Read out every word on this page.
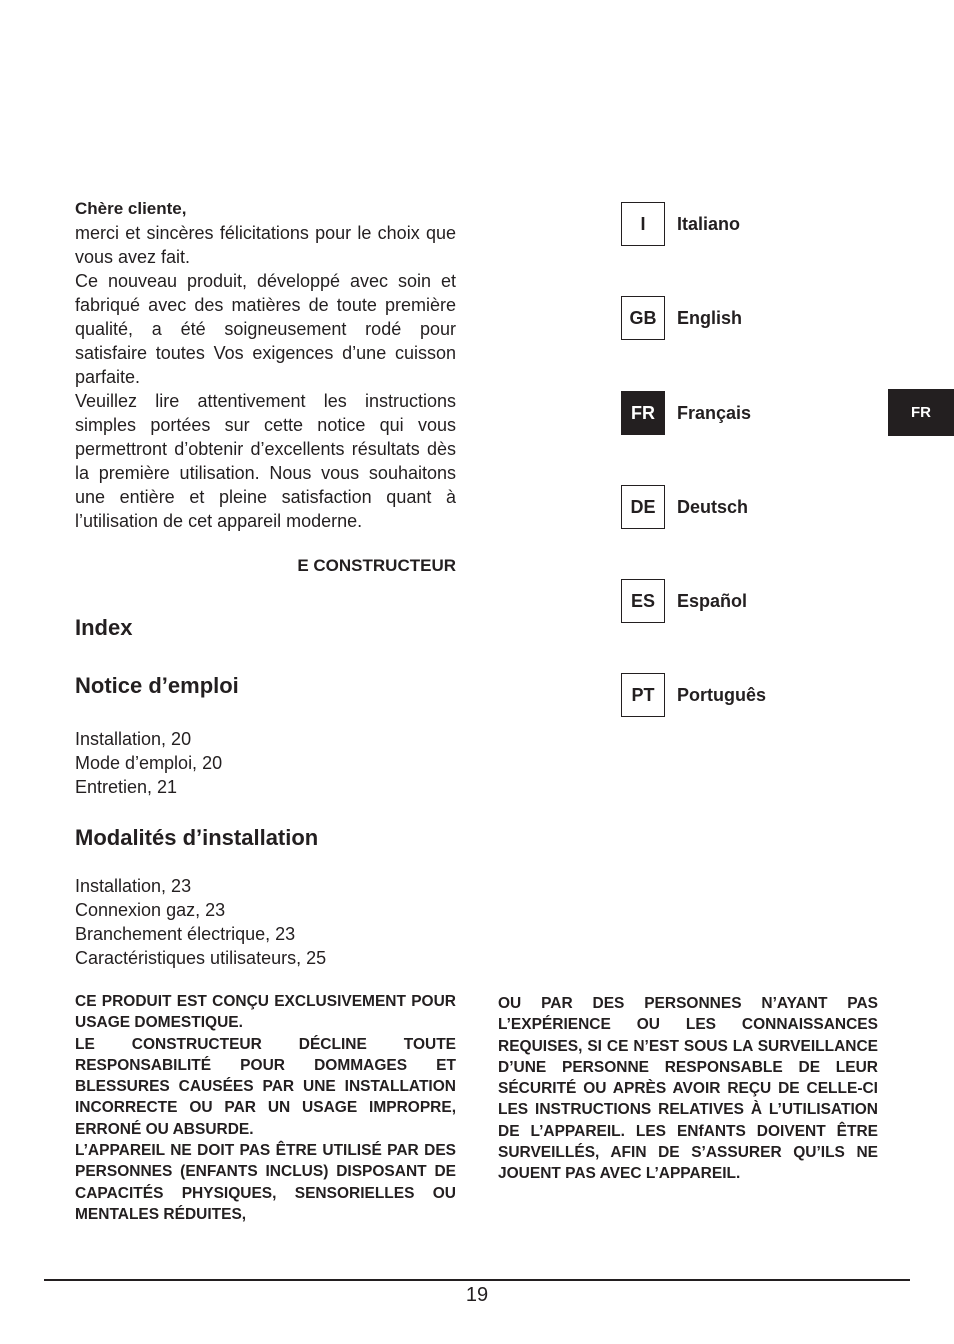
Chère cliente,

merci et sincères félicitations pour le choix que vous avez fait.

Ce nouveau produit, développé avec soin et fabriqué avec des matières de toute première qualité, a été soigneusement rodé pour satisfaire toutes Vos exigences d’une cuisson parfaite.

Veuillez lire attentivement les instructions simples portées sur cette notice qui vous permettront d’obtenir d’excellents résultats dès la première utilisation. Nous vous souhaitons une entière et pleine satisfaction quant à l’utilisation de cet appareil moderne.

E CONSTRUCTEUR
Index
Notice d’emploi
Installation, 20
Mode d’emploi, 20
Entretien, 21
Modalités d’installation
Installation, 23
Connexion gaz, 23
Branchement électrique, 23
Caractéristiques utilisateurs, 25
I	Italiano
GB	English
FR	Français
DE	Deutsch
ES	Español
PT	Português
FR

CE PRODUIT EST CONÇU EXCLUSIVEMENT POUR USAGE DOMESTIQUE.

LE CONSTRUCTEUR DÉCLINE TOUTE RESPONSABILITÉ POUR DOMMAGES ET BLESSURES CAUSÉES PAR UNE INSTALLATION INCORRECTE OU PAR UN USAGE IMPROPRE, ERRONÉ OU ABSURDE.

L’APPAREIL NE DOIT PAS ÊTRE UTILISÉ PAR DES PERSONNES (ENFANTS INCLUS) DISPOSANT DE CAPACITÉS PHYSIQUES, SENSORIELLES OU MENTALES RÉDUITES,

OU PAR DES PERSONNES N’AYANT PAS L’EXPÉRIENCE OU LES CONNAISSANCES REQUISES, SI CE N’EST SOUS LA SURVEILLANCE D’UNE PERSONNE RESPONSABLE DE LEUR SÉCURITÉ OU APRÈS AVOIR REÇU DE CELLE-CI LES INSTRUCTIONS RELATIVES À L’UTILISATION DE L’APPAREIL. LES ENfANTS DOIVENT ÊTRE SURVEILLÉS, AFIN DE S’ASSURER QU’ILS NE JOUENT PAS AVEC L’APPAREIL.

19
